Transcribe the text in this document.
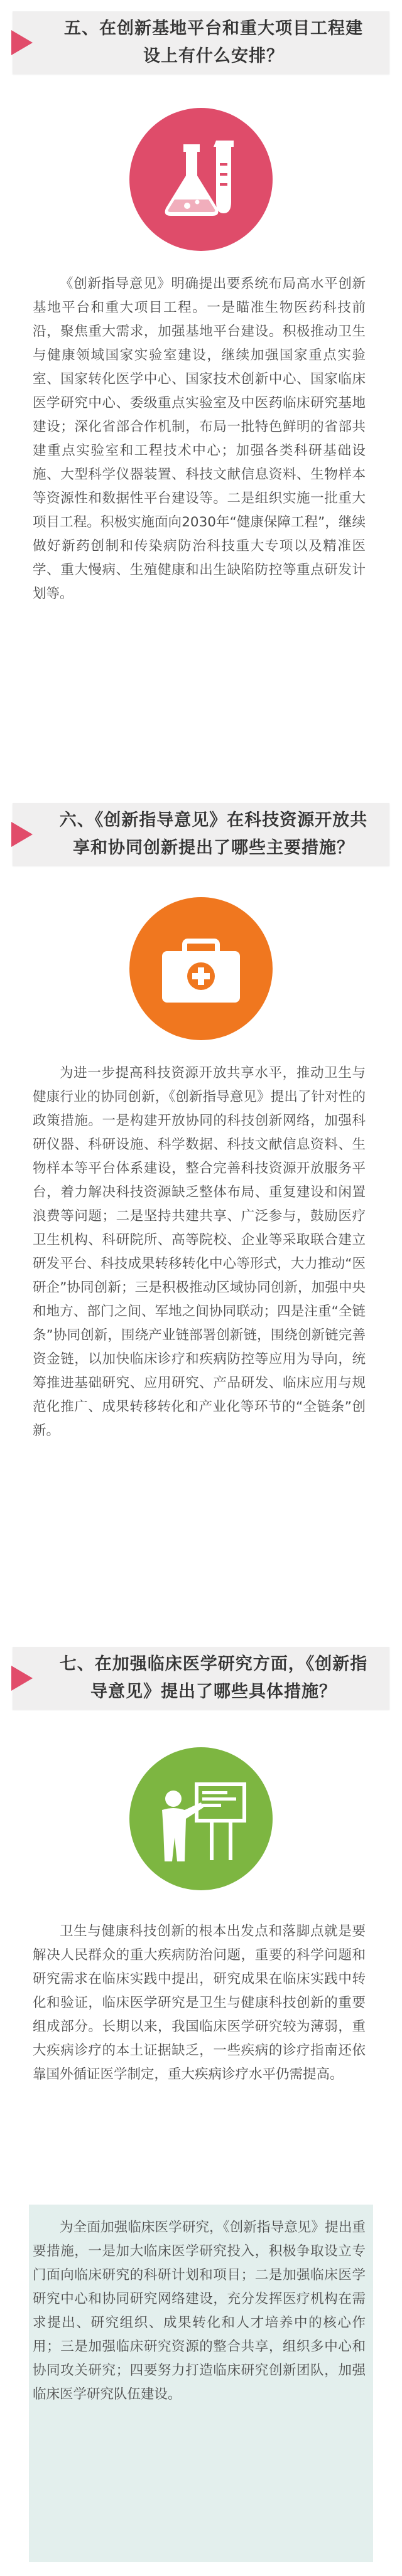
五、在创新基地平台和重大项目工程建设上有什么安排？

《创新指导意见》明确提出要系统布局高水平创新基地平台和重大项目工程。一是瞄准生物医药科技前沿，聚焦重大需求，加强基地平台建设。积极推动卫生与健康领域国家实验室建设，继续加强国家重点实验室、国家转化医学中心、国家技术创新中心、国家临床医学研究中心、委级重点实验室及中医药临床研究基地建设；深化省部合作机制，布局一批特色鲜明的省部共建重点实验室和工程技术中心；加强各类科研基础设施、大型科学仪器装置、科技文献信息资料、生物样本等资源性和数据性平台建设等。二是组织实施一批重大项目工程。积极实施面向2030年“健康保障工程”，继续做好新药创制和传染病防治科技重大专项以及精准医学、重大慢病、生殖健康和出生缺陷防控等重点研发计划等。

六、《创新指导意见》在科技资源开放共享和协同创新提出了哪些主要措施？

为进一步提高科技资源开放共享水平，推动卫生与健康行业的协同创新，《创新指导意见》提出了针对性的政策措施。一是构建开放协同的科技创新网络，加强科研仪器、科研设施、科学数据、科技文献信息资料、生物样本等平台体系建设，整合完善科技资源开放服务平台，着力解决科技资源缺乏整体布局、重复建设和闲置浪费等问题；二是坚持共建共享、广泛参与，鼓励医疗卫生机构、科研院所、高等院校、企业等采取联合建立研发平台、科技成果转移转化中心等形式，大力推动“医研企”协同创新；三是积极推动区域协同创新，加强中央和地方、部门之间、军地之间协同联动；四是注重“全链条”协同创新，围绕产业链部署创新链，围绕创新链完善资金链，以加快临床诊疗和疾病防控等应用为导向，统筹推进基础研究、应用研究、产品研发、临床应用与规范化推广、成果转移转化和产业化等环节的“全链条”创新。

七、在加强临床医学研究方面，《创新指导意见》提出了哪些具体措施？

卫生与健康科技创新的根本出发点和落脚点就是要解决人民群众的重大疾病防治问题，重要的科学问题和研究需求在临床实践中提出，研究成果在临床实践中转化和验证，临床医学研究是卫生与健康科技创新的重要组成部分。长期以来，我国临床医学研究较为薄弱，重大疾病诊疗的本土证据缺乏，一些疾病的诊疗指南还依靠国外循证医学制定，重大疾病诊疗水平仍需提高。

为全面加强临床医学研究，《创新指导意见》提出重要措施，一是加大临床医学研究投入，积极争取设立专门面向临床研究的科研计划和项目；二是加强临床医学研究中心和协同研究网络建设，充分发挥医疗机构在需求提出、研究组织、成果转化和人才培养中的核心作用；三是加强临床研究资源的整合共享，组织多中心和协同攻关研究；四要努力打造临床研究创新团队，加强临床医学研究队伍建设。
